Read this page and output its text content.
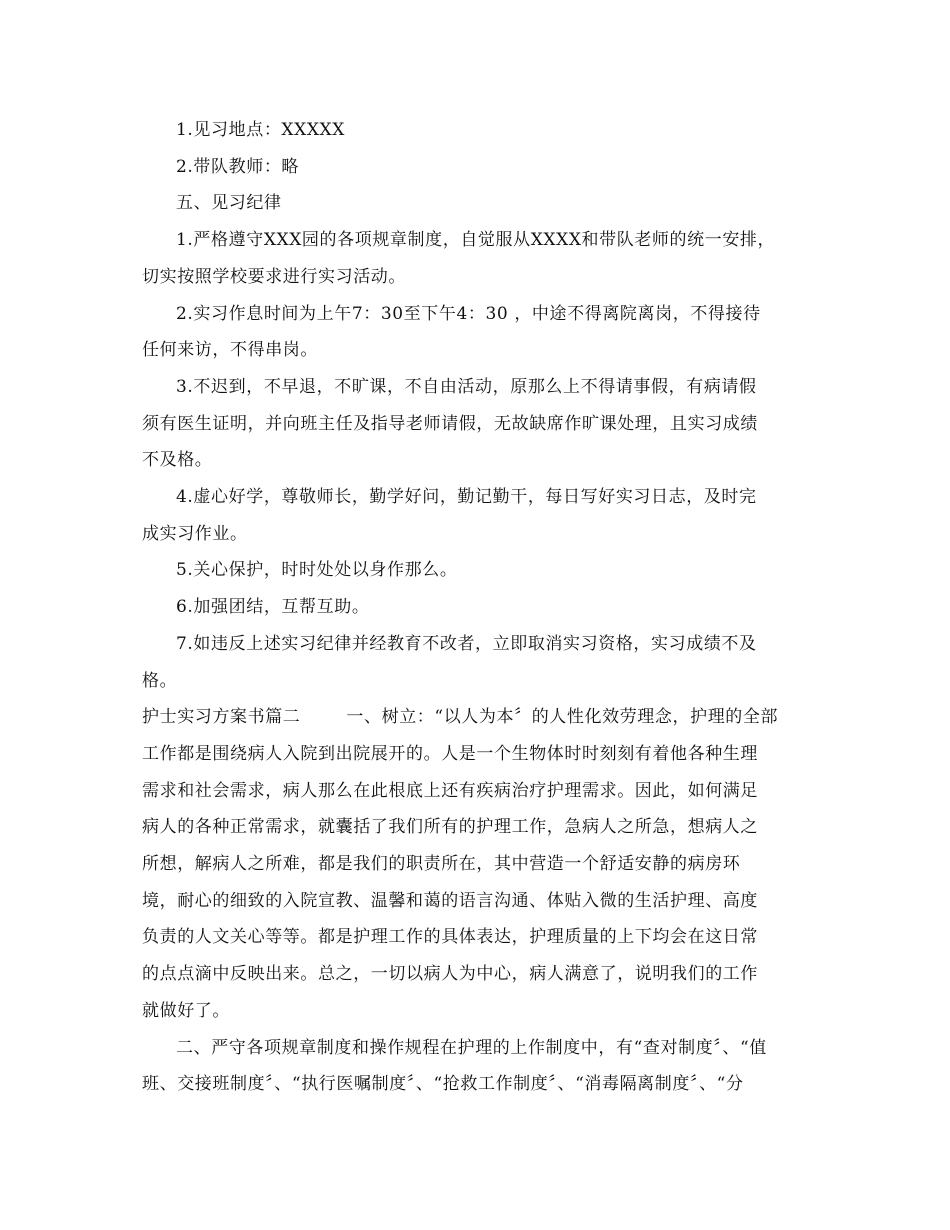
1.见习地点：XXXXX
2.带队教师：略
五、见习纪律
1.严格遵守XXX园的各项规章制度，自觉服从XXXX和带队老师的统一安排，
切实按照学校要求进行实习活动。
2.实习作息时间为上午7：30至下午4：30 ，中途不得离院离岗，不得接待
任何来访，不得串岗。
3.不迟到，不早退，不旷课，不自由活动，原那么上不得请事假，有病请假
须有医生证明，并向班主任及指导老师请假，无故缺席作旷课处理，且实习成绩
不及格。
4.虚心好学，尊敬师长，勤学好问，勤记勤干，每日写好实习日志，及时完
成实习作业。
5.关心保护，时时处处以身作那么。
6.加强团结，互帮互助。
7.如违反上述实习纪律并经教育不改者，立即取消实习资格，实习成绩不及
格。
护士实习方案书篇二	一、树立：“以人为本〞的人性化效劳理念，护理的全部
工作都是围绕病人入院到出院展开的。人是一个生物体时时刻刻有着他各种生理
需求和社会需求，病人那么在此根底上还有疾病治疗护理需求。因此，如何满足
病人的各种正常需求，就囊括了我们所有的护理工作，急病人之所急，想病人之
所想，解病人之所难，都是我们的职责所在，其中营造一个舒适安静的病房环
境，耐心的细致的入院宣教、温馨和蔼的语言沟通、体贴入微的生活护理、高度
负责的人文关心等等。都是护理工作的具体表达，护理质量的上下均会在这日常
的点点滴中反映出来。总之，一切以病人为中心，病人满意了，说明我们的工作
就做好了。
二、严守各项规章制度和操作规程在护理的上作制度中，有“查对制度〞、“值
班、交接班制度〞、“执行医嘱制度〞、“抢救工作制度〞、“消毒隔离制度〞、“分
